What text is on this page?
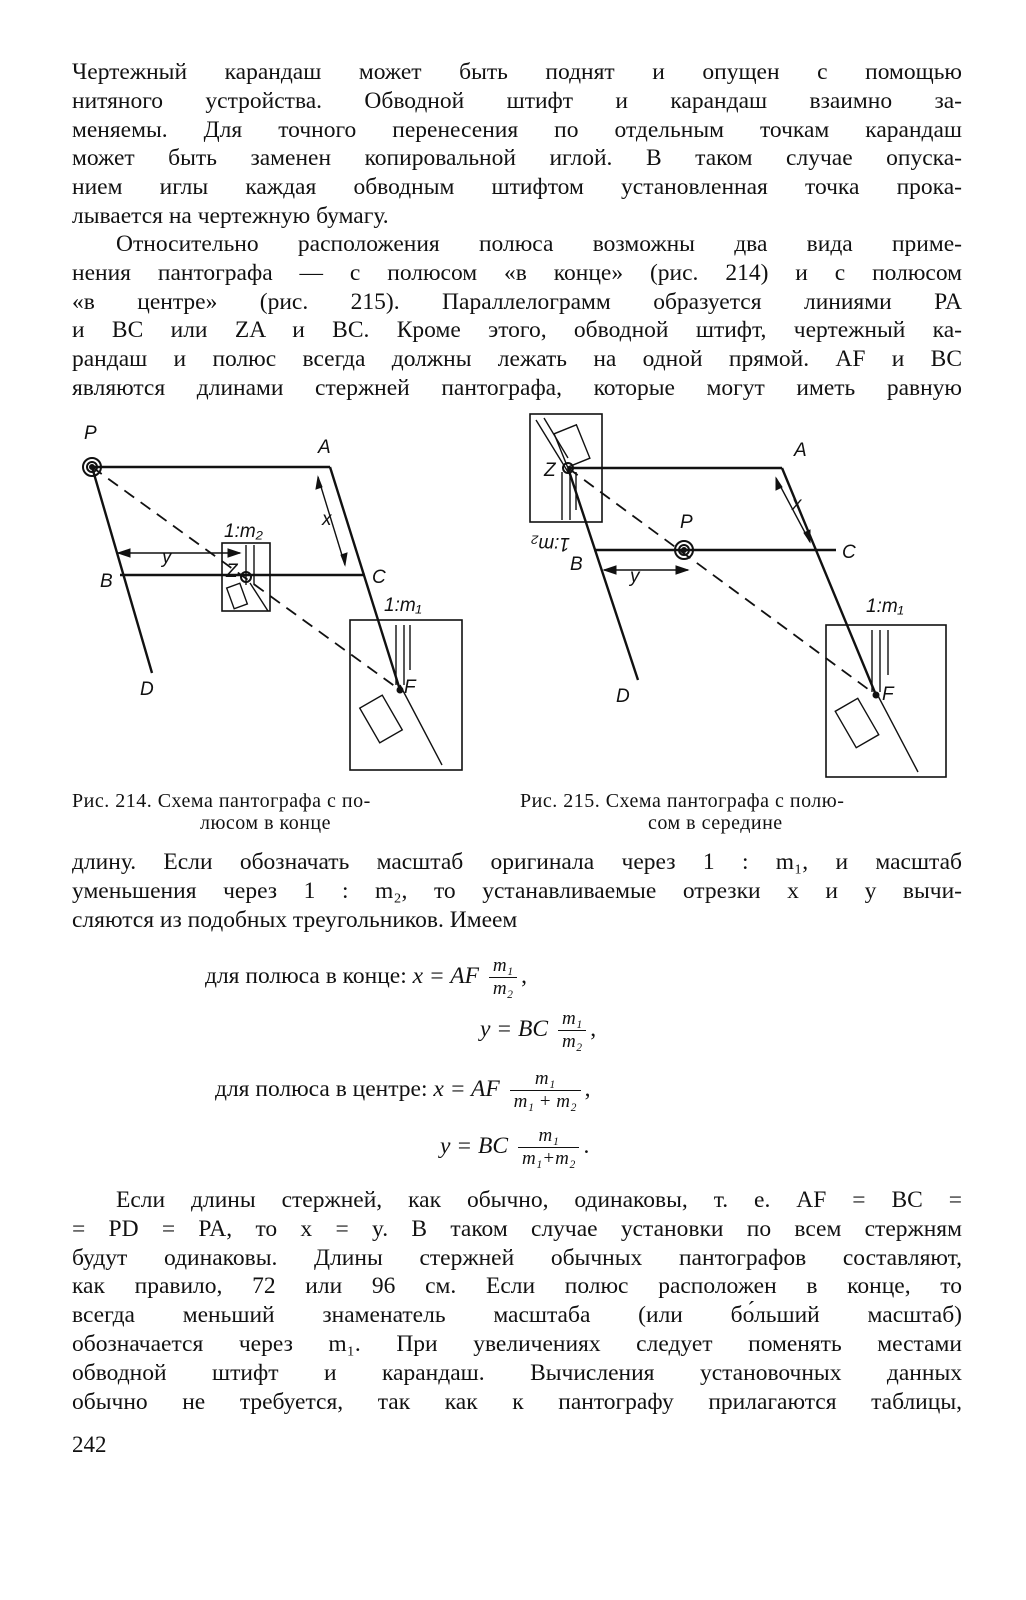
Чертежный карандаш может быть поднят и опущен с помощью
нитяного устройства. Обводной штифт и карандаш взаимно за-
меняемы. Для точного перенесения по отдельным точкам карандаш
может быть заменен копировальной иглой. В таком случае опуска-
нием иглы каждая обводным штифтом установленная точка прока-
лывается на чертежную бумагу.
Относительно расположения полюса возможны два вида приме-
нения пантографа — с полюсом «в конце» (рис. 214) и с полюсом
«в центре» (рис. 215). Параллелограмм образуется линиями PA
и BC или ZA и BC. Кроме этого, обводной штифт, чертежный ка-
рандаш и полюс всегда должны лежать на одной прямой. AF и BC
являются длинами стержней пантографа, которые могут иметь равную
P
A
B	C
D
Z
F
x
y
1:m₂
1:m₁
P
A
B
C
D
Z
F
x
y
1:m₂
1:m₁
Рис. 214. Схема пантографа с по-
люсом в конце
Рис. 215. Схема пантографа с полю-
сом в середине
длину. Если обозначать масштаб оригинала через 1 : m₁, и масштаб
уменьшения через 1 : m₂, то устанавливаемые отрезки x и y вычи-
сляются из подобных треугольников. Имеем
для полюса в конце: x = AF $\frac{\text{m₁}}{\text{m₂}}$ ,
y = BC $\frac{\text{m₁}}{\text{m₂}}$ ,
для полюса в центре: x = AF $\frac{\text{m₁}}{\text{m₁ + m₂}}$ ,
y = BC $\frac{\text{m₁}}{\text{m₁+m₂}}$ .
Если длины стержней, как обычно, одинаковы, т. е. AF = BC =
= PD = PA, то x = y. В таком случае установки по всем стержням
будут одинаковы. Длины стержней обычных пантографов составляют,
как правило, 72 или 96 см. Если полюс расположен в конце, то
всегда меньший знаменатель масштаба (или бо́льший масштаб)
обозначается через m₁. При увеличениях следует поменять местами
обводной штифт и карандаш. Вычисления установочных данных
обычно не требуется, так как к пантографу прилагаются таблицы,
242
